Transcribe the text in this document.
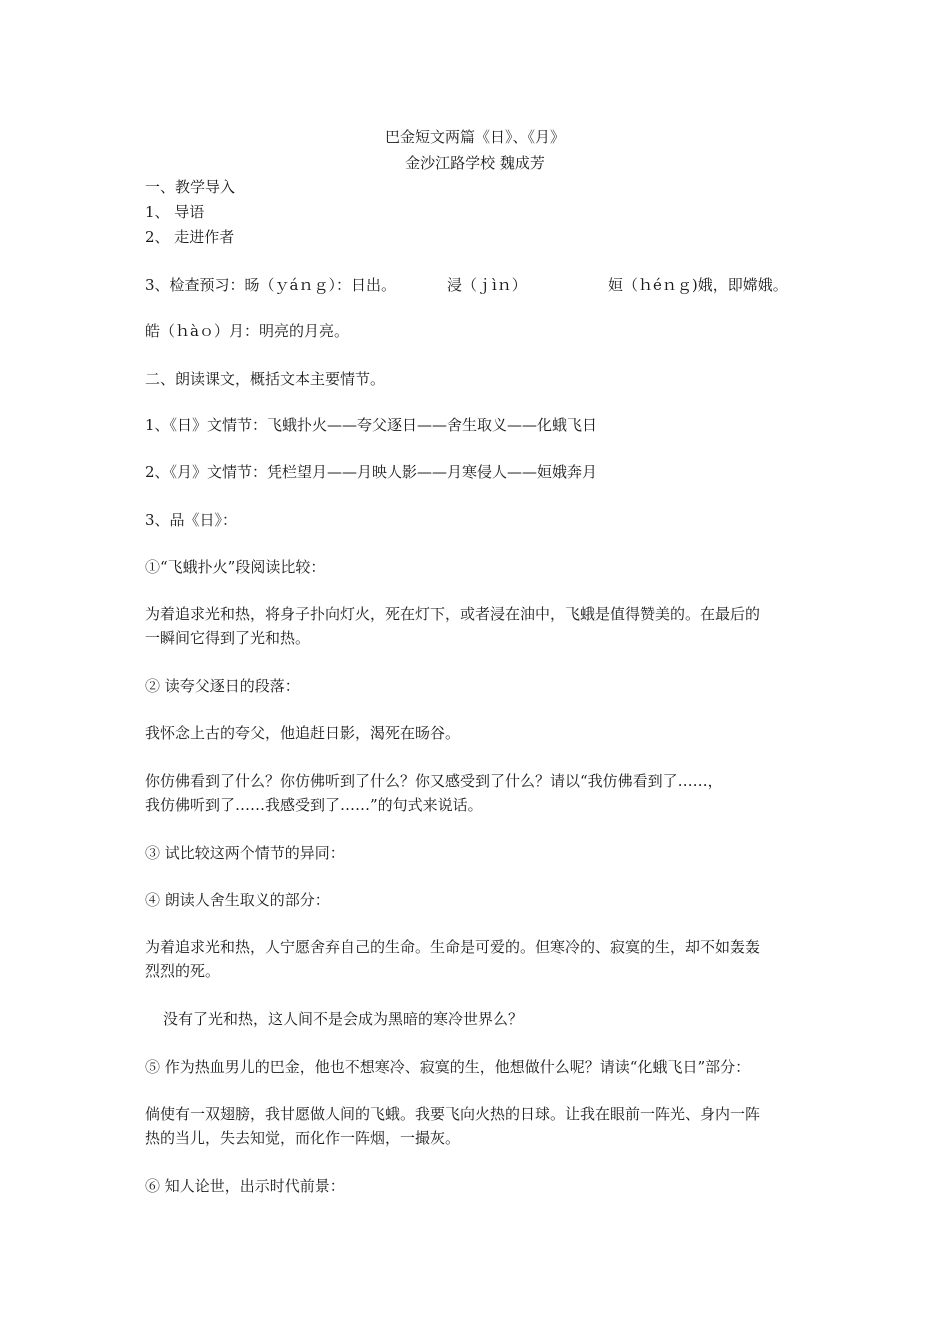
巴金短文两篇《日》、《月》
金沙江路学校 魏成芳
一、教学导入
1、 导语
2、 走进作者
3、检查预习：旸（ｙáｎｇ）：日出。	浸（ｊìｎ）	姮（ｈéｎｇ)娥，即嫦娥。
皓（ｈàｏ）月：明亮的月亮。
二、朗读课文，概括文本主要情节。
1、《日》文情节：飞蛾扑火——夸父逐日——舍生取义——化蛾飞日
2、《月》文情节：凭栏望月——月映人影——月寒侵人——姮娥奔月
3、品《日》：
①“飞蛾扑火”段阅读比较：
为着追求光和热，将身子扑向灯火，死在灯下，或者浸在油中，飞蛾是值得赞美的。在最后的
一瞬间它得到了光和热。
② 读夸父逐日的段落：
我怀念上古的夸父，他追赶日影，渴死在旸谷。
你仿佛看到了什么？你仿佛听到了什么？你又感受到了什么？请以“我仿佛看到了……，
我仿佛听到了……我感受到了……”的句式来说话。
③ 试比较这两个情节的异同：
④ 朗读人舍生取义的部分：
为着追求光和热，人宁愿舍弃自己的生命。生命是可爱的。但寒冷的、寂寞的生，却不如轰轰
烈烈的死。
没有了光和热，这人间不是会成为黑暗的寒冷世界么？
⑤ 作为热血男儿的巴金，他也不想寒冷、寂寞的生，他想做什么呢？请读“化蛾飞日”部分：
倘使有一双翅膀，我甘愿做人间的飞蛾。我要飞向火热的日球。让我在眼前一阵光、身内一阵
热的当儿，失去知觉，而化作一阵烟，一撮灰。
⑥ 知人论世，出示时代前景：
